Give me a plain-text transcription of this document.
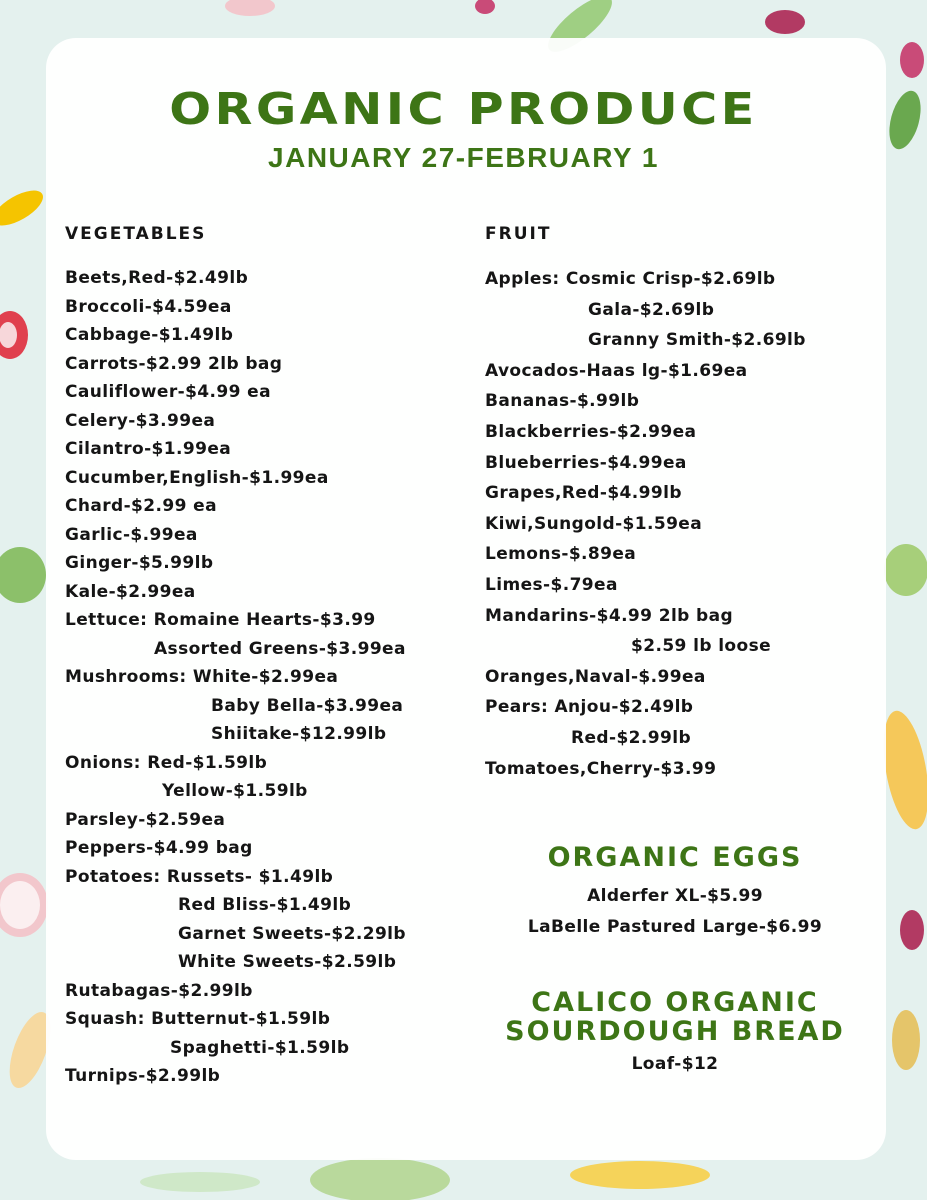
ORGANIC PRODUCE
JANUARY 27-FEBRUARY 1
VEGETABLES
Beets,Red-$2.49lb
Broccoli-$4.59ea
Cabbage-$1.49lb
Carrots-$2.99 2lb bag
Cauliflower-$4.99 ea
Celery-$3.99ea
Cilantro-$1.99ea
Cucumber,English-$1.99ea
Chard-$2.99 ea
Garlic-$.99ea
Ginger-$5.99lb
Kale-$2.99ea
Lettuce: Romaine Hearts-$3.99
Assorted Greens-$3.99ea
Mushrooms: White-$2.99ea
Baby Bella-$3.99ea
Shiitake-$12.99lb
Onions: Red-$1.59lb
Yellow-$1.59lb
Parsley-$2.59ea
Peppers-$4.99 bag
Potatoes: Russets- $1.49lb
Red Bliss-$1.49lb
Garnet Sweets-$2.29lb
White Sweets-$2.59lb
Rutabagas-$2.99lb
Squash: Butternut-$1.59lb
Spaghetti-$1.59lb
Turnips-$2.99lb
FRUIT
Apples: Cosmic Crisp-$2.69lb
Gala-$2.69lb
Granny Smith-$2.69lb
Avocados-Haas lg-$1.69ea
Bananas-$.99lb
Blackberries-$2.99ea
Blueberries-$4.99ea
Grapes,Red-$4.99lb
Kiwi,Sungold-$1.59ea
Lemons-$.89ea
Limes-$.79ea
Mandarins-$4.99 2lb bag
$2.59 lb loose
Oranges,Naval-$.99ea
Pears: Anjou-$2.49lb
Red-$2.99lb
Tomatoes,Cherry-$3.99
ORGANIC EGGS
Alderfer XL-$5.99
LaBelle Pastured Large-$6.99
CALICO ORGANIC
SOURDOUGH BREAD
Loaf-$12
